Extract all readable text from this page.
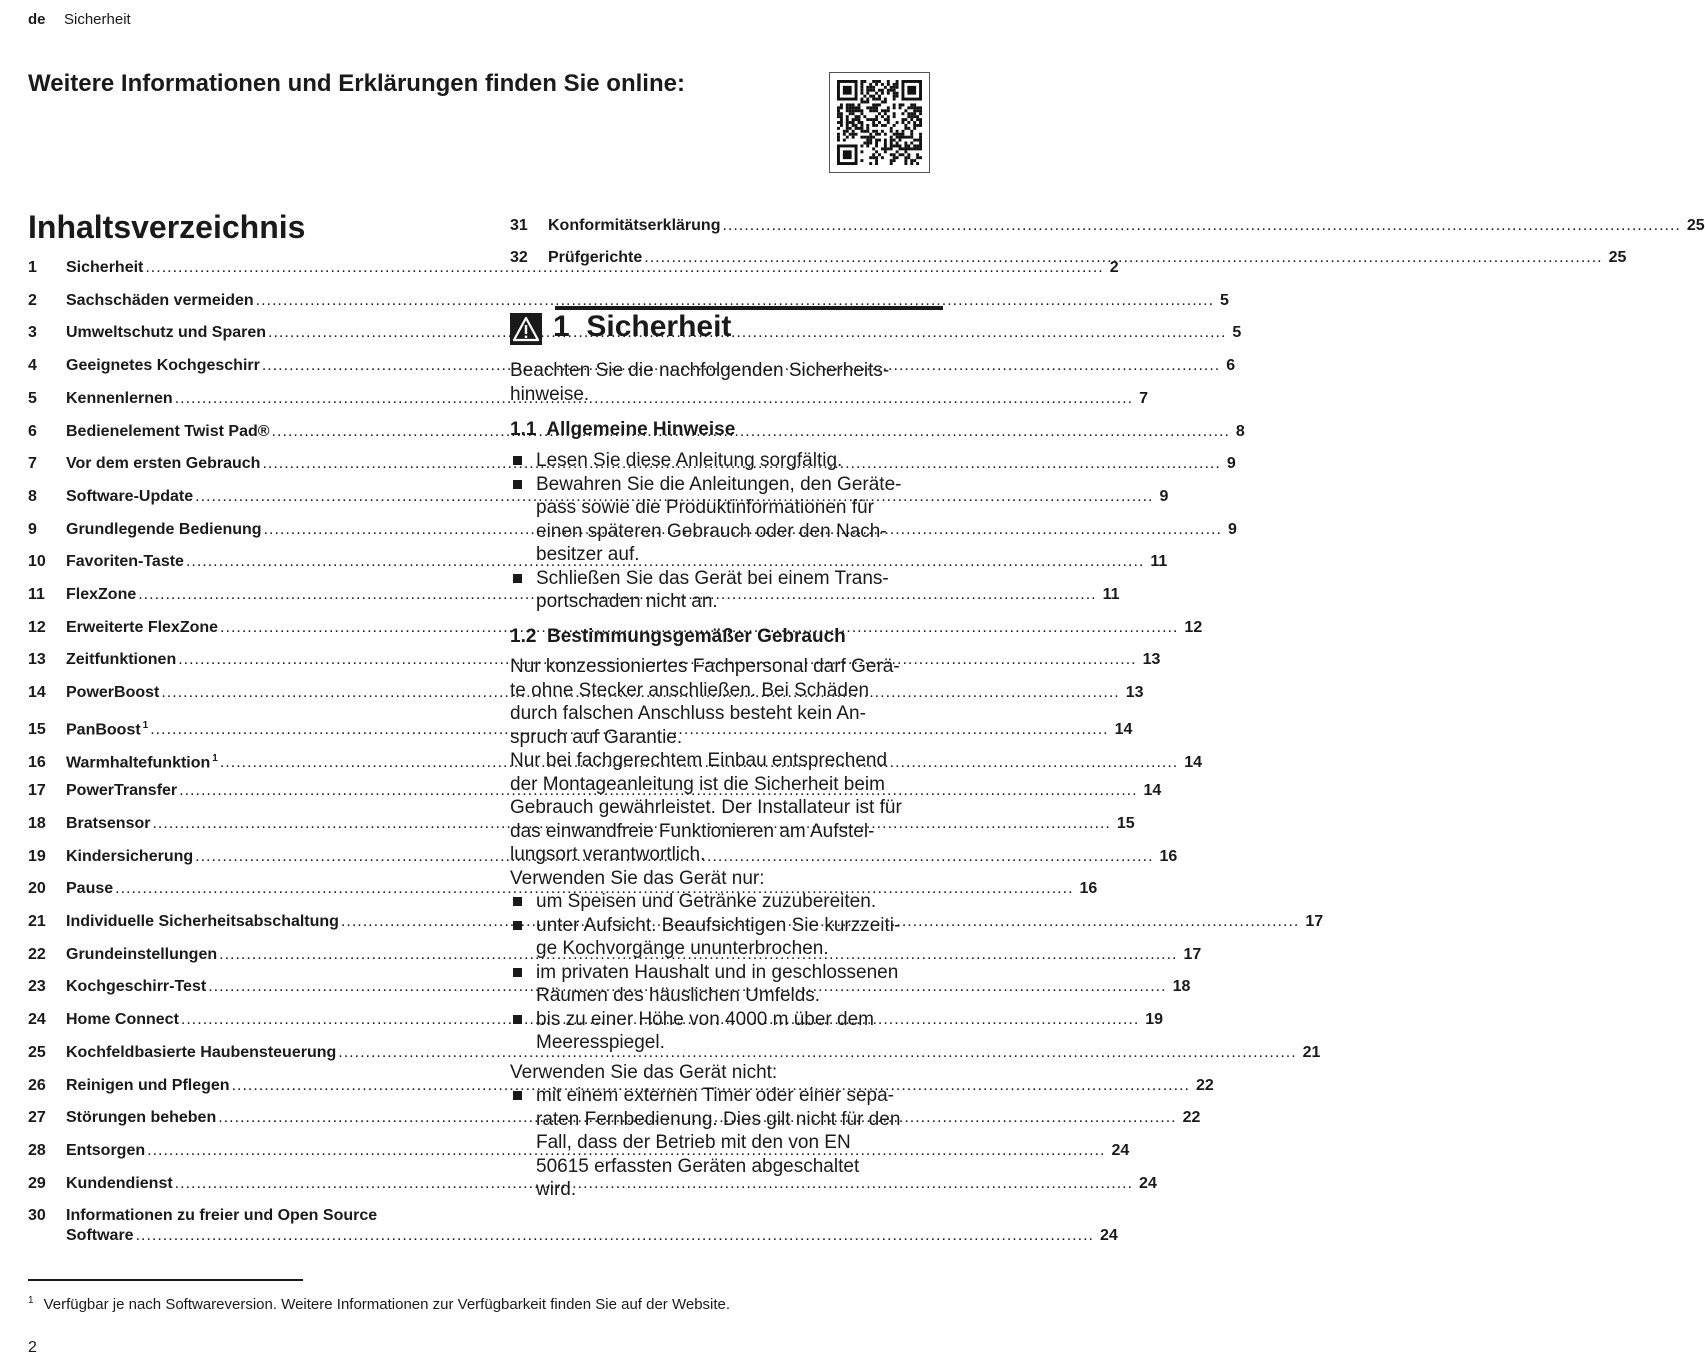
de Sicherheit
Weitere Informationen und Erklärungen finden Sie online:
Inhaltsverzeichnis
1	Sicherheit .....	2
2	Sachschäden vermeiden .....	5
3	Umweltschutz und Sparen .....	5
4	Geeignetes Kochgeschirr .....	6
5	Kennenlernen .....	7
6	Bedienelement Twist Pad® .....	8
7	Vor dem ersten Gebrauch .....	9
8	Software-Update .....	9
9	Grundlegende Bedienung .....	9
10	Favoriten-Taste .....	11
11	FlexZone .....	11
12	Erweiterte FlexZone .....	12
13	Zeitfunktionen .....	13
14	PowerBoost .....	13
15	PanBoost $^1$ .....	14
16	Warmhaltefunktion $^1$ .....	14
17	PowerTransfer .....	14
18	Bratsensor .....	15
19	Kindersicherung .....	16
20	Pause .....	16
21	Individuelle Sicherheitsabschaltung .....	17
22	Grundeinstellungen .....	17
23	Kochgeschirr-Test .....	18
24	Home Connect .....	19
25	Kochfeldbasierte Haubensteuerung .....	21
26	Reinigen und Pflegen .....	22
27	Störungen beheben .....	22
28	Entsorgen .....	24
29	Kundendienst .....	24
30	Informationen zu freier und Open Source
Software .....	24
31	Konformitätserklärung .....	25
32	Prüfgerichte .....	25
1  Sicherheit
Beachten Sie die nachfolgenden Sicherheits-
hinweise.
1.1  Allgemeine Hinweise
Lesen Sie diese Anleitung sorgfältig.
Bewahren Sie die Anleitungen, den Geräte-
pass sowie die Produktinformationen für
einen späteren Gebrauch oder den Nach-
besitzer auf.
Schließen Sie das Gerät bei einem Trans-
portschaden nicht an.
1.2  Bestimmungsgemäßer Gebrauch
Nur konzessioniertes Fachpersonal darf Gerä-
te ohne Stecker anschließen. Bei Schäden
durch falschen Anschluss besteht kein An-
spruch auf Garantie.
Nur bei fachgerechtem Einbau entsprechend
der Montageanleitung ist die Sicherheit beim
Gebrauch gewährleistet. Der Installateur ist für
das einwandfreie Funktionieren am Aufstel-
lungsort verantwortlich.
Verwenden Sie das Gerät nur:
um Speisen und Getränke zuzubereiten.
unter Aufsicht. Beaufsichtigen Sie kurzzeiti-
ge Kochvorgänge ununterbrochen.
im privaten Haushalt und in geschlossenen
Räumen des häuslichen Umfelds.
bis zu einer Höhe von 4000 m über dem
Meeresspiegel.
Verwenden Sie das Gerät nicht:
mit einem externen Timer oder einer sepa-
raten Fernbedienung. Dies gilt nicht für den
Fall, dass der Betrieb mit den von EN
50615 erfassten Geräten abgeschaltet
wird.
$^1$ Verfügbar je nach Softwareversion. Weitere Informationen zur Verfügbarkeit finden Sie auf der Website.
2
